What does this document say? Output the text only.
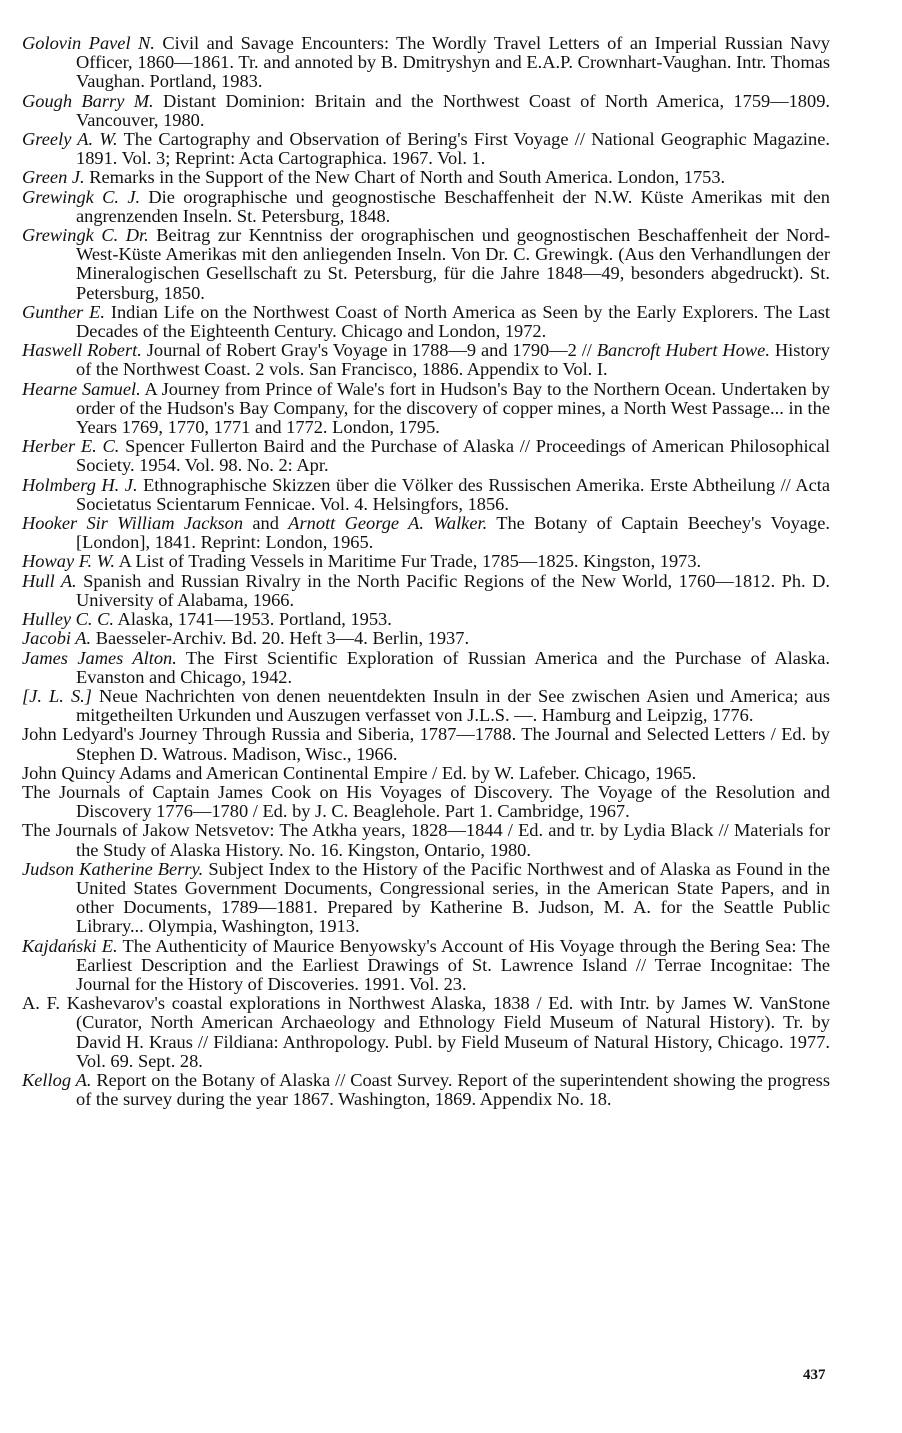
Golovin Pavel N. Civil and Savage Encounters: The Wordly Travel Letters of an Imperial Russian Navy Officer, 1860—1861. Tr. and annoted by B. Dmitryshyn and E.A.P. Crownhart-Vaughan. Intr. Thomas Vaughan. Portland, 1983.

Gough Barry M. Distant Dominion: Britain and the Northwest Coast of North America, 1759—1809. Vancouver, 1980.

Greely A. W. The Cartography and Observation of Bering's First Voyage // National Geographic Magazine. 1891. Vol. 3; Reprint: Acta Cartographica. 1967. Vol. 1.

Green J. Remarks in the Support of the New Chart of North and South America. London, 1753.

Grewingk C. J. Die orographische und geognostische Beschaffenheit der N.W. Küste Amerikas mit den angrenzenden Inseln. St. Petersburg, 1848.

Grewingk C. Dr. Beitrag zur Kenntniss der orographischen und geognostischen Beschaffenheit der Nord-West-Küste Amerikas mit den anliegenden Inseln. Von Dr. C. Grewingk. (Aus den Verhandlungen der Mineralogischen Gesellschaft zu St. Petersburg, für die Jahre 1848—49, besonders abgedruckt). St. Petersburg, 1850.

Gunther E. Indian Life on the Northwest Coast of North America as Seen by the Early Explorers. The Last Decades of the Eighteenth Century. Chicago and London, 1972.

Haswell Robert. Journal of Robert Gray's Voyage in 1788—9 and 1790—2 // Bancroft Hubert Howe. History of the Northwest Coast. 2 vols. San Francisco, 1886. Appendix to Vol. I.

Hearne Samuel. A Journey from Prince of Wale's fort in Hudson's Bay to the Northern Ocean. Undertaken by order of the Hudson's Bay Company, for the discovery of copper mines, a North West Passage... in the Years 1769, 1770, 1771 and 1772. London, 1795.

Herber E. C. Spencer Fullerton Baird and the Purchase of Alaska // Proceedings of American Philosophical Society. 1954. Vol. 98. No. 2: Apr.

Holmberg H. J. Ethnographische Skizzen über die Völker des Russischen Amerika. Erste Abtheilung // Acta Societatus Scientarum Fennicae. Vol. 4. Helsingfors, 1856.

Hooker Sir William Jackson and Arnott George A. Walker. The Botany of Captain Beechey's Voyage. [London], 1841. Reprint: London, 1965.

Howay F. W. A List of Trading Vessels in Maritime Fur Trade, 1785—1825. Kingston, 1973.

Hull A. Spanish and Russian Rivalry in the North Pacific Regions of the New World, 1760—1812. Ph. D. University of Alabama, 1966.

Hulley C. C. Alaska, 1741—1953. Portland, 1953.

Jacobi A. Baesseler-Archiv. Bd. 20. Heft 3—4. Berlin, 1937.

James James Alton. The First Scientific Exploration of Russian America and the Purchase of Alaska. Evanston and Chicago, 1942.

[J. L. S.] Neue Nachrichten von denen neuentdekten Insuln in der See zwischen Asien und America; aus mitgetheilten Urkunden und Auszugen verfasset von J.L.S. —. Hamburg and Leipzig, 1776.

John Ledyard's Journey Through Russia and Siberia, 1787—1788. The Journal and Selected Letters / Ed. by Stephen D. Watrous. Madison, Wisc., 1966.

John Quincy Adams and American Continental Empire / Ed. by W. Lafeber. Chicago, 1965.

The Journals of Captain James Cook on His Voyages of Discovery. The Voyage of the Resolution and Discovery 1776—1780 / Ed. by J. C. Beaglehole. Part 1. Cambridge, 1967.

The Journals of Jakow Netsvetov: The Atkha years, 1828—1844 / Ed. and tr. by Lydia Black // Materials for the Study of Alaska History. No. 16. Kingston, Ontario, 1980.

Judson Katherine Berry. Subject Index to the History of the Pacific Northwest and of Alaska as Found in the United States Government Documents, Congressional series, in the American State Papers, and in other Documents, 1789—1881. Prepared by Katherine B. Judson, M. A. for the Seattle Public Library... Olympia, Washington, 1913.

Kajdański E. The Authenticity of Maurice Benyowsky's Account of His Voyage through the Bering Sea: The Earliest Description and the Earliest Drawings of St. Lawrence Island // Terrae Incognitae: The Journal for the History of Discoveries. 1991. Vol. 23.

A. F. Kashevarov's coastal explorations in Northwest Alaska, 1838 / Ed. with Intr. by James W. VanStone (Curator, North American Archaeology and Ethnology Field Museum of Natural History). Tr. by David H. Kraus // Fildiana: Anthropology. Publ. by Field Museum of Natural History, Chicago. 1977. Vol. 69. Sept. 28.

Kellog A. Report on the Botany of Alaska // Coast Survey. Report of the superintendent showing the progress of the survey during the year 1867. Washington, 1869. Appendix No. 18.

437
